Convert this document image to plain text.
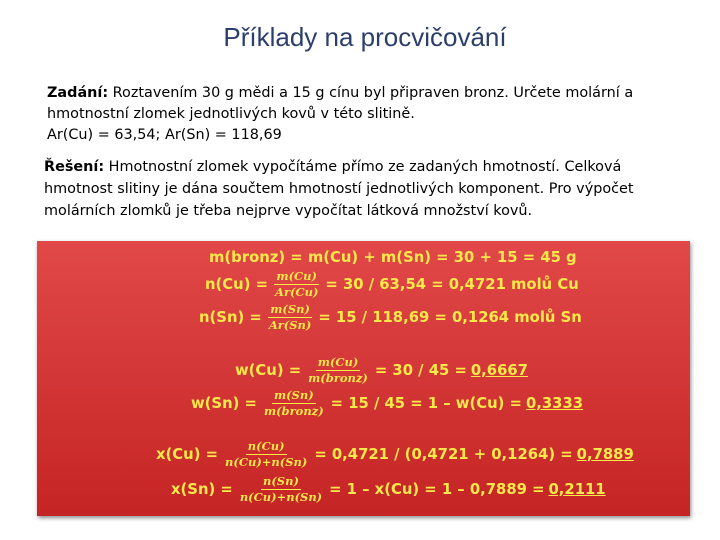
Příklady na procvičování
Zadání: Roztavením 30 g mědi a 15 g cínu byl připraven bronz. Určete molární a hmotnostní zlomek jednotlivých kovů v této slitině.
Ar(Cu) = 63,54; Ar(Sn) = 118,69
Řešení: Hmotnostní zlomek vypočítáme přímo ze zadaných hmotností. Celková hmotnost slitiny je dána součtem hmotností jednotlivých komponent. Pro výpočet molárních zlomků je třeba nejprve vypočítat látková množství kovů.
m(bronz) = m(Cu) + m(Sn) = 30 + 15 = 45 g
$n(Cu) = \frac{m(Cu)}{Ar(Cu)} = 30 / 63,54 = 0,4721$ molů Cu
$n(Sn) = \frac{m(Sn)}{Ar(Sn)} = 15 / 118,69 = 0,1264$ molů Sn
$w(Cu) = \frac{m(Cu)}{\text{m(bronz)}} = 30 / 45 = 0,6667$
$w(Sn) = \frac{m(Sn)}{\text{m(bronz)}} = 15 / 45 = 1 - w(Cu) = 0,3333$
$x(Cu) = \frac{n(Cu)}{n(Cu)+n(Sn)} = 0,4721 / (0,4721 + 0,1264) = 0,7889$
$x(Sn) = \frac{n(Sn)}{n(Cu)+n(Sn)} = 1 - x(Cu) = 1 - 0,7889 = 0,2111$
